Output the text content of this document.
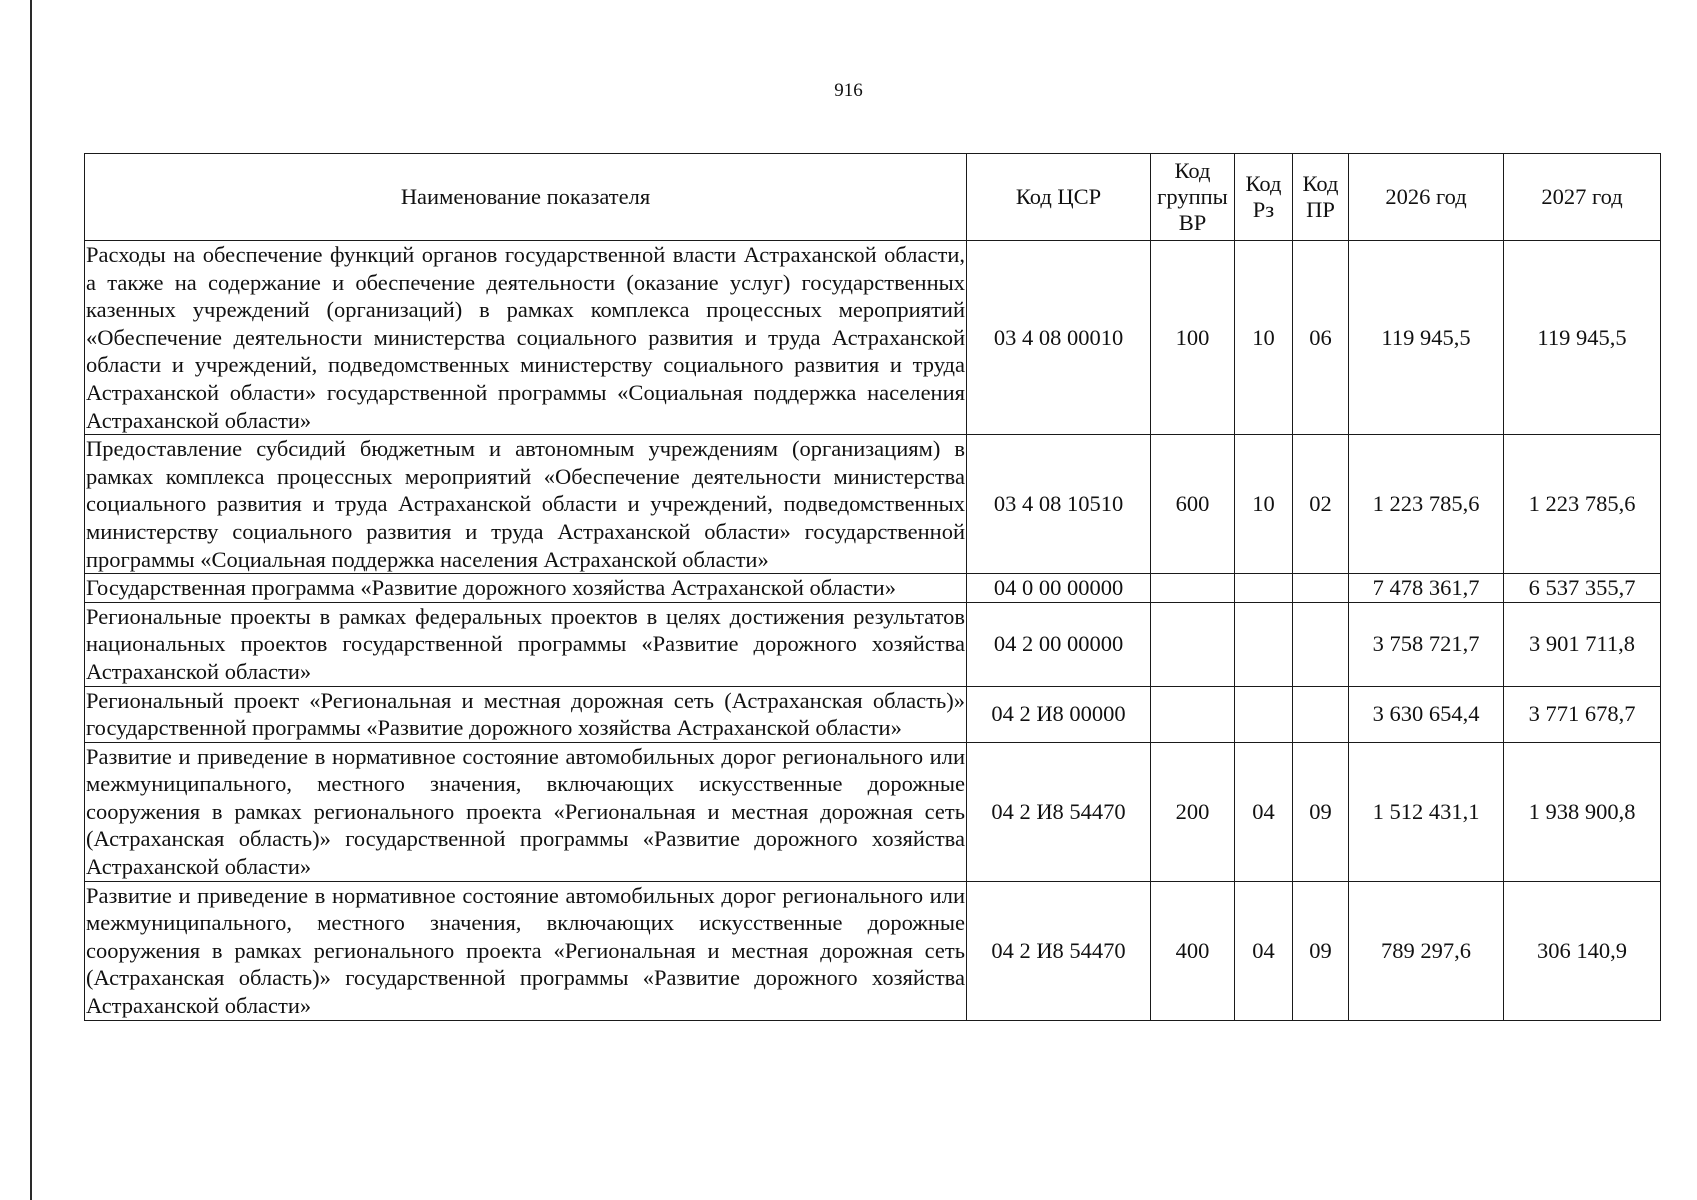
916
Наименование показателя	Код ЦСР	Код группы ВР	Код Рз	Код ПР	2026 год	2027 год
Расходы на обеспечение функций органов государственной власти Астраханской области, а также на содержание и обеспечение деятельности (оказание услуг) государственных казенных учреждений (организаций) в рамках комплекса процессных мероприятий «Обеспечение деятельности министерства социального развития и труда Астраханской области и учреждений, подведомственных министерству социального развития и труда Астраханской области» государственной программы «Социальная поддержка населения Астраханской области»	03 4 08 00010	100	10	06	119 945,5	119 945,5
Предоставление субсидий бюджетным и автономным учреждениям (организациям) в рамках комплекса процессных мероприятий «Обеспечение деятельности министерства социального развития и труда Астраханской области и учреждений, подведомственных министерству социального развития и труда Астраханской области» государственной программы «Социальная поддержка населения Астраханской области»	03 4 08 10510	600	10	02	1 223 785,6	1 223 785,6
Государственная программа «Развитие дорожного хозяйства Астраханской области»	04 0 00 00000				7 478 361,7	6 537 355,7
Региональные проекты в рамках федеральных проектов в целях достижения результатов национальных проектов государственной программы «Развитие дорожного хозяйства Астраханской области»	04 2 00 00000				3 758 721,7	3 901 711,8
Региональный проект «Региональная и местная дорожная сеть (Астраханская область)» государственной программы «Развитие дорожного хозяйства Астраханской области»	04 2 И8 00000				3 630 654,4	3 771 678,7
Развитие и приведение в нормативное состояние автомобильных дорог регионального или межмуниципального, местного значения, включающих искусственные дорожные сооружения в рамках регионального проекта «Региональная и местная дорожная сеть (Астраханская область)» государственной программы «Развитие дорожного хозяйства Астраханской области»	04 2 И8 54470	200	04	09	1 512 431,1	1 938 900,8
Развитие и приведение в нормативное состояние автомобильных дорог регионального или межмуниципального, местного значения, включающих искусственные дорожные сооружения в рамках регионального проекта «Региональная и местная дорожная сеть (Астраханская область)» государственной программы «Развитие дорожного хозяйства Астраханской области»	04 2 И8 54470	400	04	09	789 297,6	306 140,9
